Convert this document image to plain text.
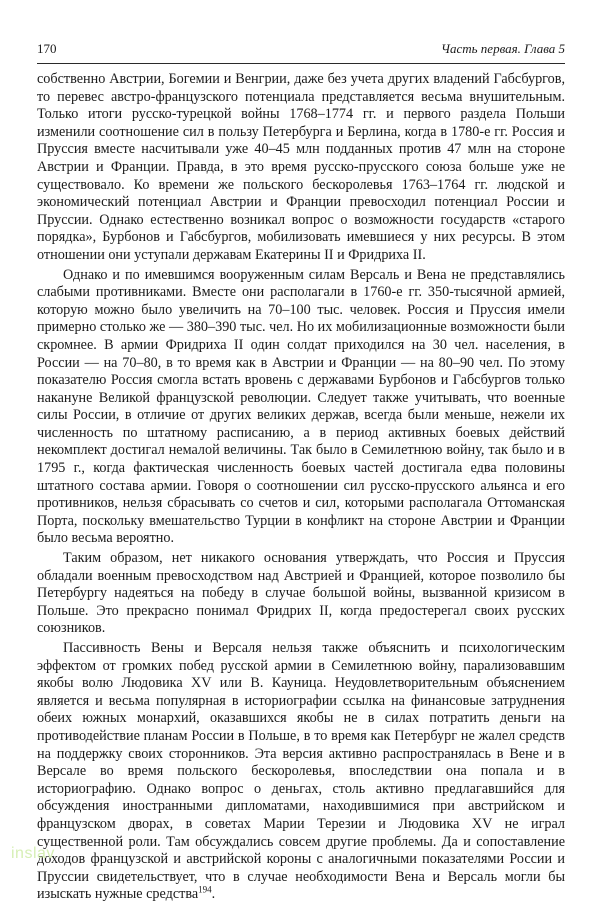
170	Часть первая. Глава 5

собственно Австрии, Богемии и Венгрии, даже без учета других владений Габсбургов, то перевес австро-французского потенциала представляется весьма внушительным. Только итоги русско-турецкой войны 1768–1774 гг. и первого раздела Польши изменили соотношение сил в пользу Петербурга и Берлина, когда в 1780-е гг. Россия и Пруссия вместе насчитывали уже 40–45 млн подданных против 47 млн на стороне Австрии и Франции. Правда, в это время русско-прусского союза больше уже не существовало. Ко времени же польского бескоролевья 1763–1764 гг. людской и экономический потенциал Австрии и Франции превосходил потенциал России и Пруссии. Однако естественно возникал вопрос о возможности государств «старого порядка», Бурбонов и Габсбургов, мобилизовать имевшиеся у них ресурсы. В этом отношении они уступали державам Екатерины II и Фридриха II.

Однако и по имевшимся вооруженным силам Версаль и Вена не представлялись слабыми противниками. Вместе они располагали в 1760-е гг. 350-тысячной армией, которую можно было увеличить на 70–100 тыс. человек. Россия и Пруссия имели примерно столько же — 380–390 тыс. чел. Но их мобилизационные возможности были скромнее. В армии Фридриха II один солдат приходился на 30 чел. населения, в России — на 70–80, в то время как в Австрии и Франции — на 80–90 чел. По этому показателю Россия смогла встать вровень с державами Бурбонов и Габсбургов только накануне Великой французской революции. Следует также учитывать, что военные силы России, в отличие от других великих держав, всегда были меньше, нежели их численность по штатному расписанию, а в период активных боевых действий некомплект достигал немалой величины. Так было в Семилетнюю войну, так было и в 1795 г., когда фактическая численность боевых частей достигала едва половины штатного состава армии. Говоря о соотношении сил русско-прусского альянса и его противников, нельзя сбрасывать со счетов и сил, которыми располагала Оттоманская Порта, поскольку вмешательство Турции в конфликт на стороне Австрии и Франции было весьма вероятно.

Таким образом, нет никакого основания утверждать, что Россия и Пруссия обладали военным превосходством над Австрией и Францией, которое позволило бы Петербургу надеяться на победу в случае большой войны, вызванной кризисом в Польше. Это прекрасно понимал Фридрих II, когда предостерегал своих русских союзников.

Пассивность Вены и Версаля нельзя также объяснить и психологическим эффектом от громких побед русской армии в Семилетнюю войну, парализовавшим якобы волю Людовика XV или В. Кауница. Неудовлетворительным объяснением является и весьма популярная в историографии ссылка на финансовые затруднения обеих южных монархий, оказавшихся якобы не в силах потратить деньги на противодействие планам России в Польше, в то время как Петербург не жалел средств на поддержку своих сторонников. Эта версия активно распространялась в Вене и в Версале во время польского бескоролевья, впоследствии она попала и в историографию. Однако вопрос о деньгах, столь активно предлагавшийся для обсуждения иностранными дипломатами, находившимися при австрийском и французском дворах, в советах Марии Терезии и Людовика XV не играл существенной роли. Там обсуждались совсем другие проблемы. Да и сопоставление доходов французской и австрийской короны с аналогичными показателями России и Пруссии свидетельствует, что в случае необходимости Вена и Версаль могли бы изыскать нужные средства$^{194}$.

inslav
